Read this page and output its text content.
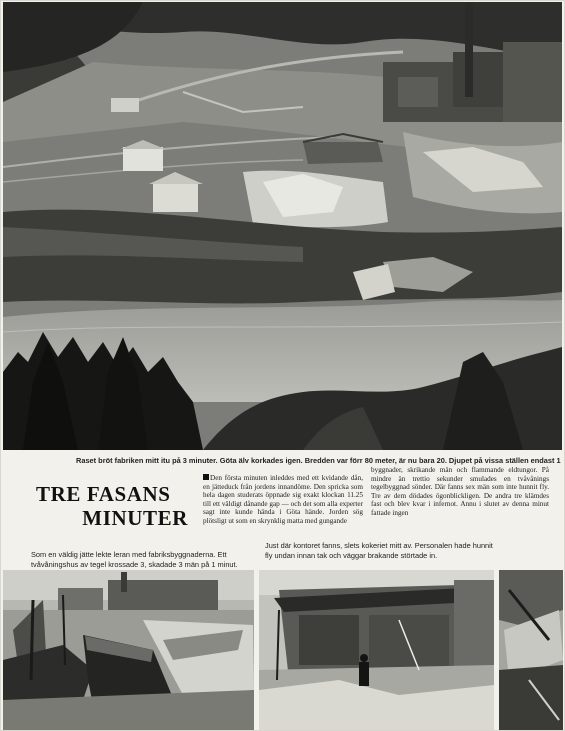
Raset bröt fabriken mitt itu på 3 minuter. Göta älv korkades igen. Bredden var förr 80 meter, är nu bara 20. Djupet på vissa ställen endast 1
TRE FASANS
MINUTER
Den första minuten inleddes med ett kvidande dån, en jätteduck från jordens innandöme. Den spricka som hela dagen studerats öppnade sig exakt klockan 11.25 till ett väldigt dånande gap — och det som alla experter sagt inte kunde hända i Göta hände. Jorden sög plötsligt ut som en skrynklig matta med gungande
byggnader, skrikande män och flammande eldtungor. På mindre än trettio sekunder smulades en tvåvånings tegelbyggnad sönder. Där fanns sex män som inte hunnit fly. Tre av dem dödades ögonblickligen. De andra tre klämdes fast och blev kvar i infernot. Annu i slutet av denna minut fattade ingen
Som en väldig jätte lekte leran med fabriksbyggnaderna. Ett tvåvåningshus av tegel krossade 3, skadade 3 män på 1 minut.
Just där kontoret fanns, slets kokeriet mitt av. Personalen hade hunnit fly undan innan tak och väggar brakande störtade in.
